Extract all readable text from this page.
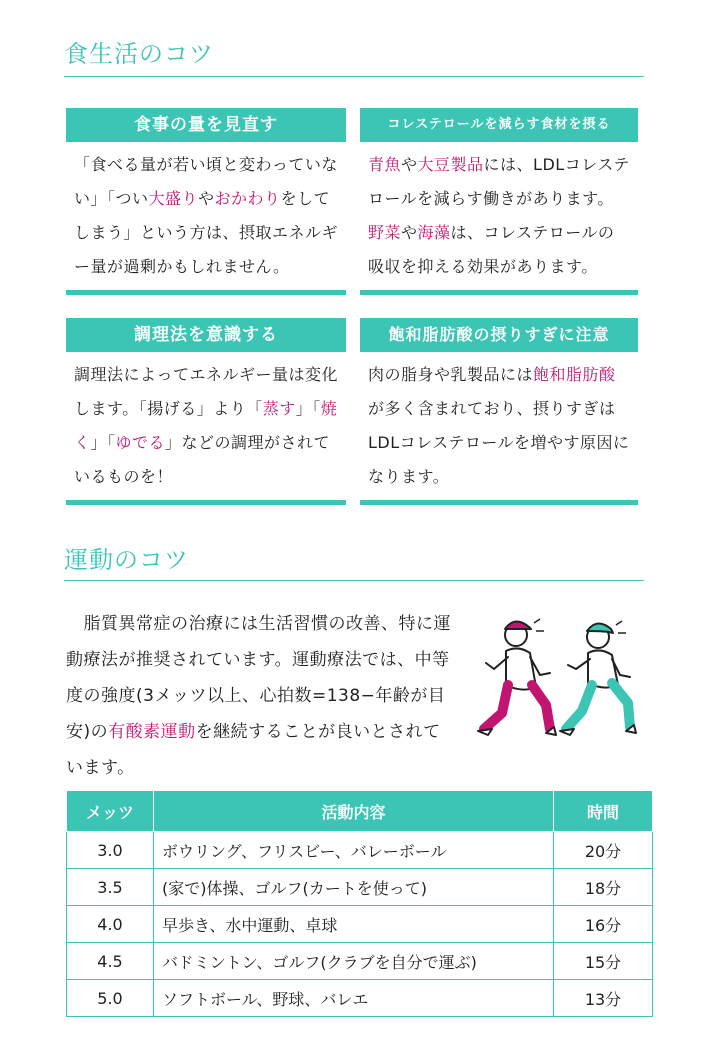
食生活のコツ
食事の量を見直す
「食べる量が若い頃と変わっていない」「つい大盛りやおかわりをしてしまう」という方は、摂取エネルギー量が過剰かもしれません。
コレステロールを減らす食材を摂る
青魚や大豆製品には、LDLコレステロールを減らす働きがあります。野菜や海藻は、コレステロールの吸収を抑える効果があります。
調理法を意識する
調理法によってエネルギー量は変化します。「揚げる」より「蒸す」「焼く」「ゆでる」などの調理がされているものを！
飽和脂肪酸の摂りすぎに注意
肉の脂身や乳製品には飽和脂肪酸が多く含まれており、摂りすぎはLDLコレステロールを増やす原因になります。
運動のコツ

　脂質異常症の治療には生活習慣の改善、特に運動療法が推奨されています。運動療法では、中等度の強度(3メッツ以上、心拍数=138−年齢が目安)の有酸素運動を継続することが良いとされています。

メッツ	活動内容	時間
3.0	ボウリング、フリスビー、バレーボール	20分
3.5	(家で)体操、ゴルフ(カートを使って)	18分
4.0	早歩き、水中運動、卓球	16分
4.5	バドミントン、ゴルフ(クラブを自分で運ぶ)	15分
5.0	ソフトボール、野球、バレエ	13分
